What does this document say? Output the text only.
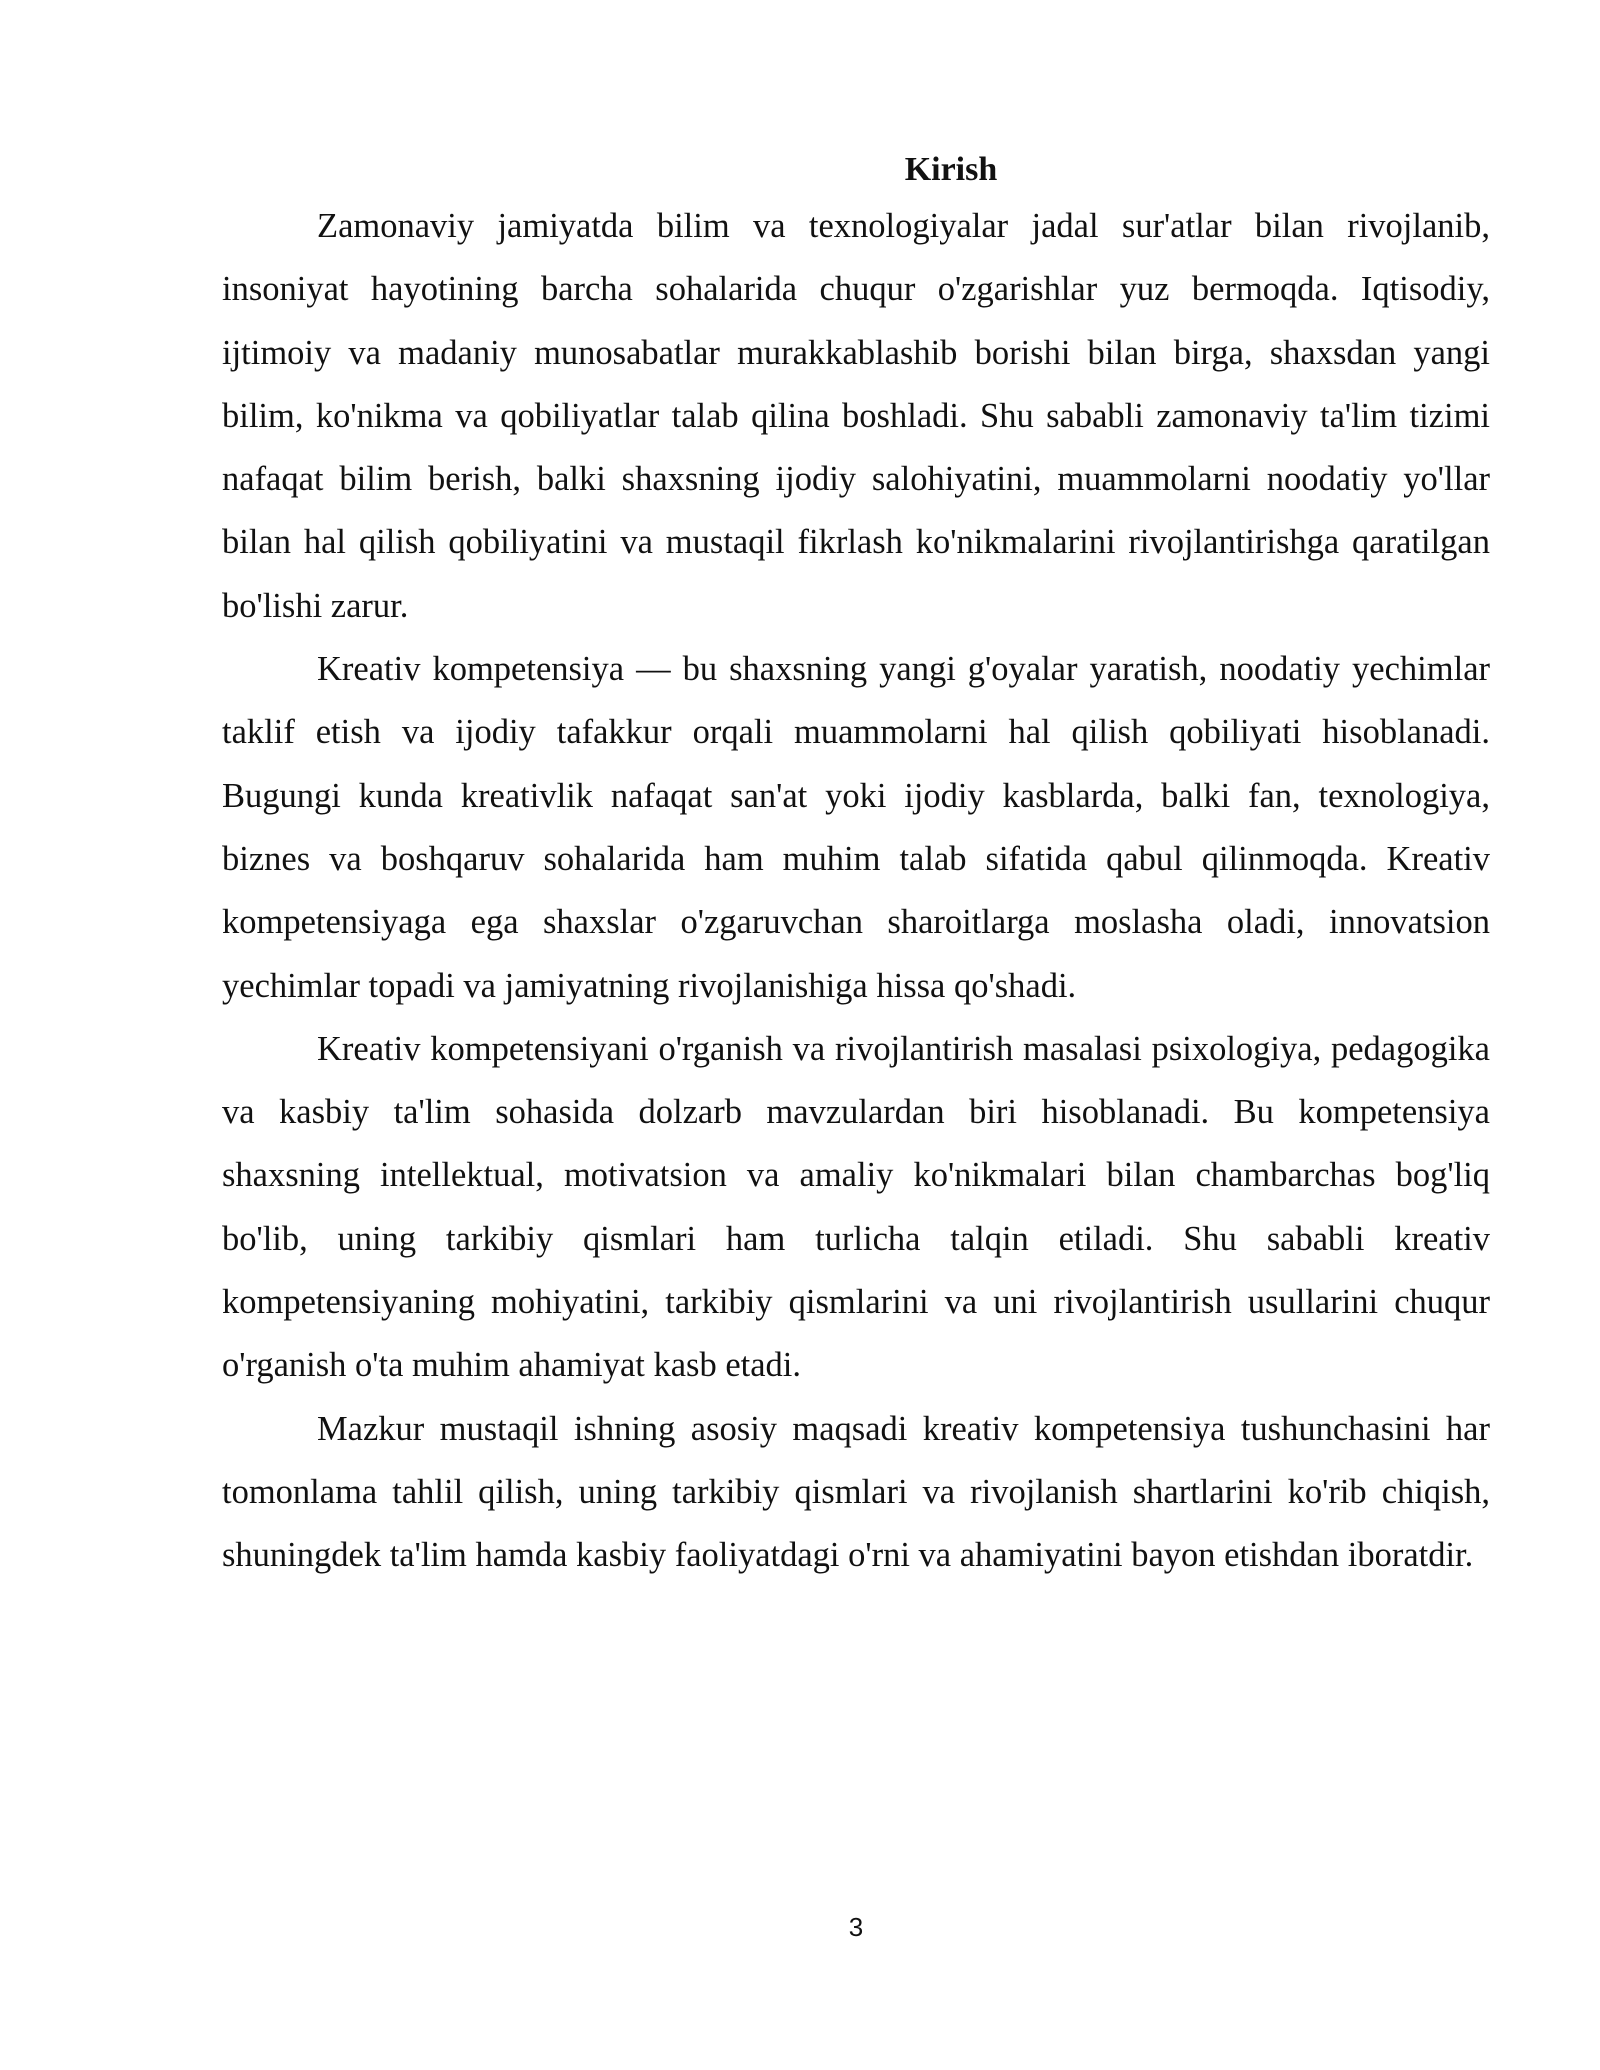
Kirish

Zamonaviy jamiyatda bilim va texnologiyalar jadal sur'atlar bilan rivojlanib, insoniyat hayotining barcha sohalarida chuqur o'zgarishlar yuz bermoqda. Iqtisodiy, ijtimoiy va madaniy munosabatlar murakkablashib borishi bilan birga, shaxsdan yangi bilim, ko'nikma va qobiliyatlar talab qilina boshladi. Shu sababli zamonaviy ta'lim tizimi nafaqat bilim berish, balki shaxsning ijodiy salohiyatini, muammolarni noodatiy yo'llar bilan hal qilish qobiliyatini va mustaqil fikrlash ko'nikmalarini rivojlantirishga qaratilgan bo'lishi zarur.

Kreativ kompetensiya — bu shaxsning yangi g'oyalar yaratish, noodatiy yechimlar taklif etish va ijodiy tafakkur orqali muammolarni hal qilish qobiliyati hisoblanadi. Bugungi kunda kreativlik nafaqat san'at yoki ijodiy kasblarda, balki fan, texnologiya, biznes va boshqaruv sohalarida ham muhim talab sifatida qabul qilinmoqda. Kreativ kompetensiyaga ega shaxslar o'zgaruvchan sharoitlarga moslasha oladi, innovatsion yechimlar topadi va jamiyatning rivojlanishiga hissa qo'shadi.

Kreativ kompetensiyani o'rganish va rivojlantirish masalasi psixologiya, pedagogika va kasbiy ta'lim sohasida dolzarb mavzulardan biri hisoblanadi. Bu kompetensiya shaxsning intellektual, motivatsion va amaliy ko'nikmalari bilan chambarchas bog'liq bo'lib, uning tarkibiy qismlari ham turlicha talqin etiladi. Shu sababli kreativ kompetensiyaning mohiyatini, tarkibiy qismlarini va uni rivojlantirish usullarini chuqur o'rganish o'ta muhim ahamiyat kasb etadi.

Mazkur mustaqil ishning asosiy maqsadi kreativ kompetensiya tushunchasini har tomonlama tahlil qilish, uning tarkibiy qismlari va rivojlanish shartlarini ko'rib chiqish, shuningdek ta'lim hamda kasbiy faoliyatdagi o'rni va ahamiyatini bayon etishdan iboratdir.

3
